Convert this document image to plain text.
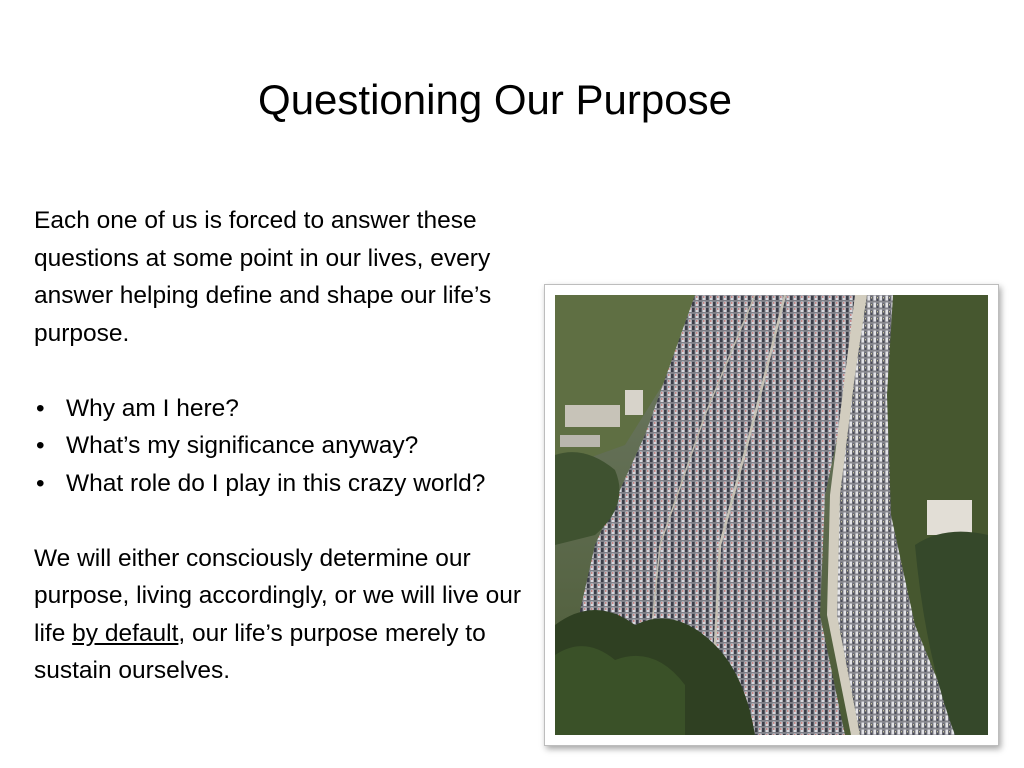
Questioning Our Purpose

Each one of us is forced to answer these questions at some point in our lives, every answer helping define and shape our life’s purpose.

• Why am I here?
• What’s my significance anyway?
• What role do I play in this crazy world?

We will either consciously determine our purpose, living accordingly, or we will live our life by default, our life’s purpose merely to sustain ourselves.
